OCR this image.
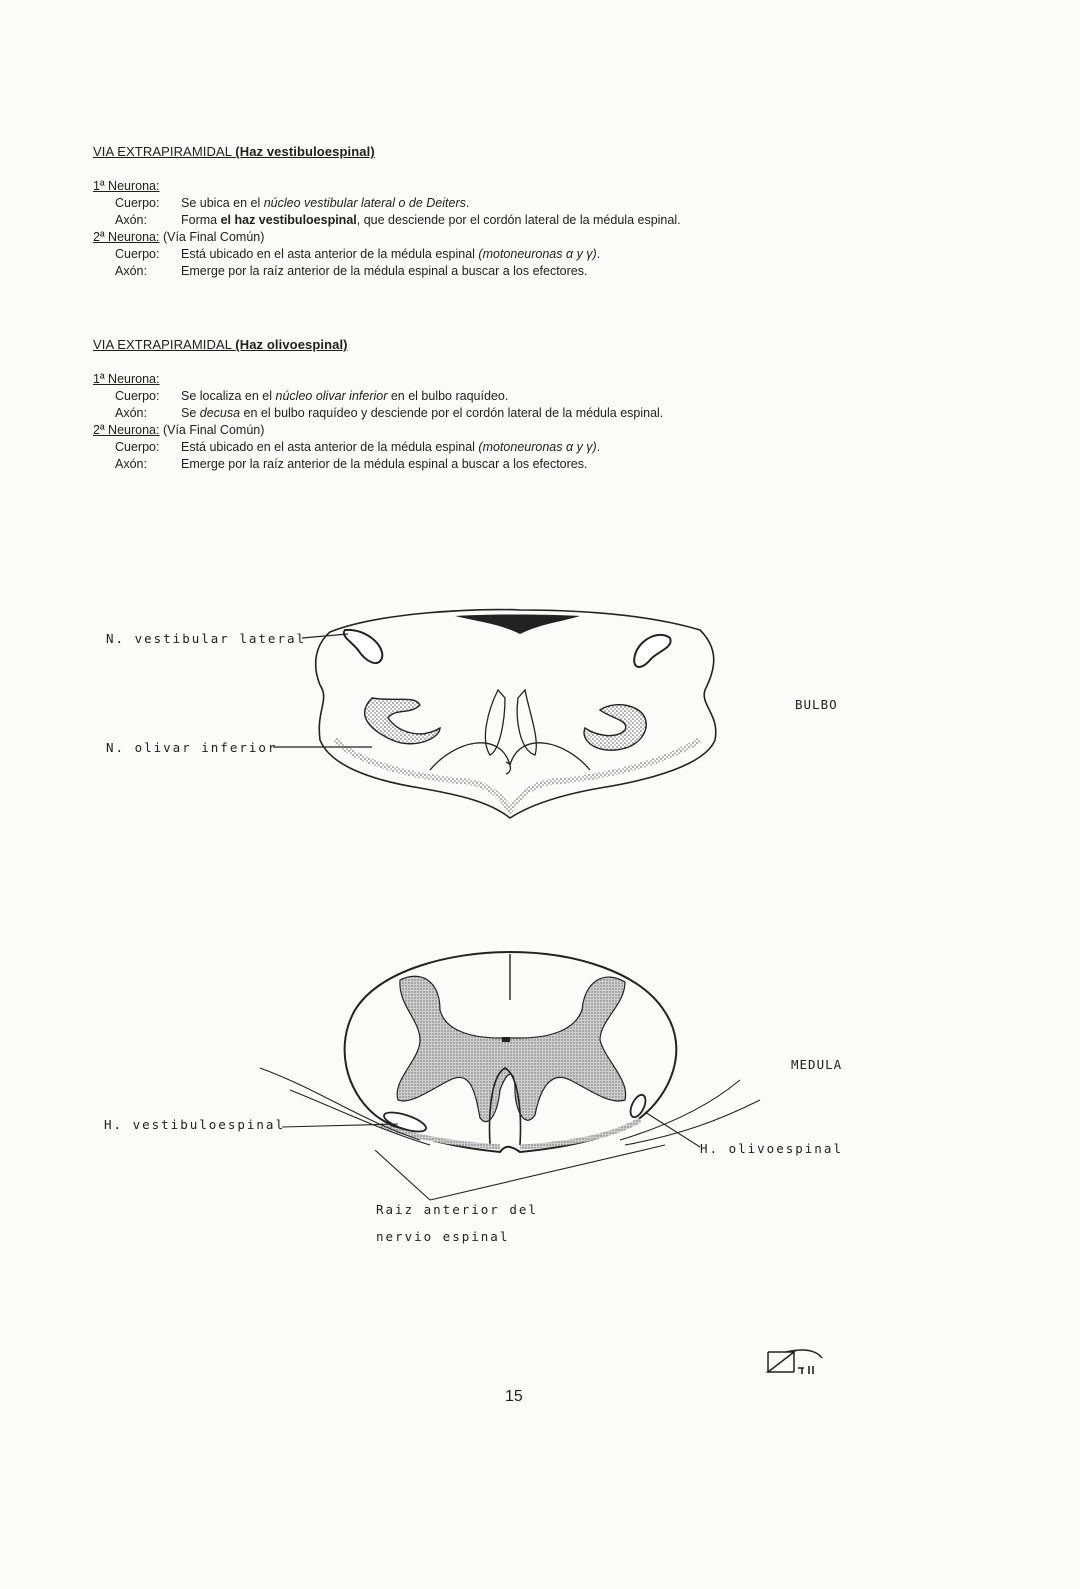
VIA EXTRAPIRAMIDAL (Haz vestibuloespinal)
1ª Neurona:
Cuerpo:	Se ubica en el núcleo vestibular lateral o de Deiters.
Axón:	Forma el haz vestibuloespinal, que desciende por el cordón lateral de la médula espinal.
2ª Neurona: (Vía Final Común)
Cuerpo:	Está ubicado en el asta anterior de la médula espinal (motoneuronas α y γ).
Axón:	Emerge por la raíz anterior de la médula espinal a buscar a los efectores.
VIA EXTRAPIRAMIDAL (Haz olivoespinal)
1ª Neurona:
Cuerpo:	Se localiza en el núcleo olivar inferior en el bulbo raquídeo.
Axón:	Se decusa en el bulbo raquídeo y desciende por el cordón lateral de la médula espinal.
2ª Neurona: (Vía Final Común)
Cuerpo:	Está ubicado en el asta anterior de la médula espinal (motoneuronas α y γ).
Axón:	Emerge por la raíz anterior de la médula espinal a buscar a los efectores.
N. vestibular lateral
N. olivar inferior
BULBO
H. vestibuloespinal
H. olivoespinal
MEDULA
Raiz anterior del
nervio espinal
15
